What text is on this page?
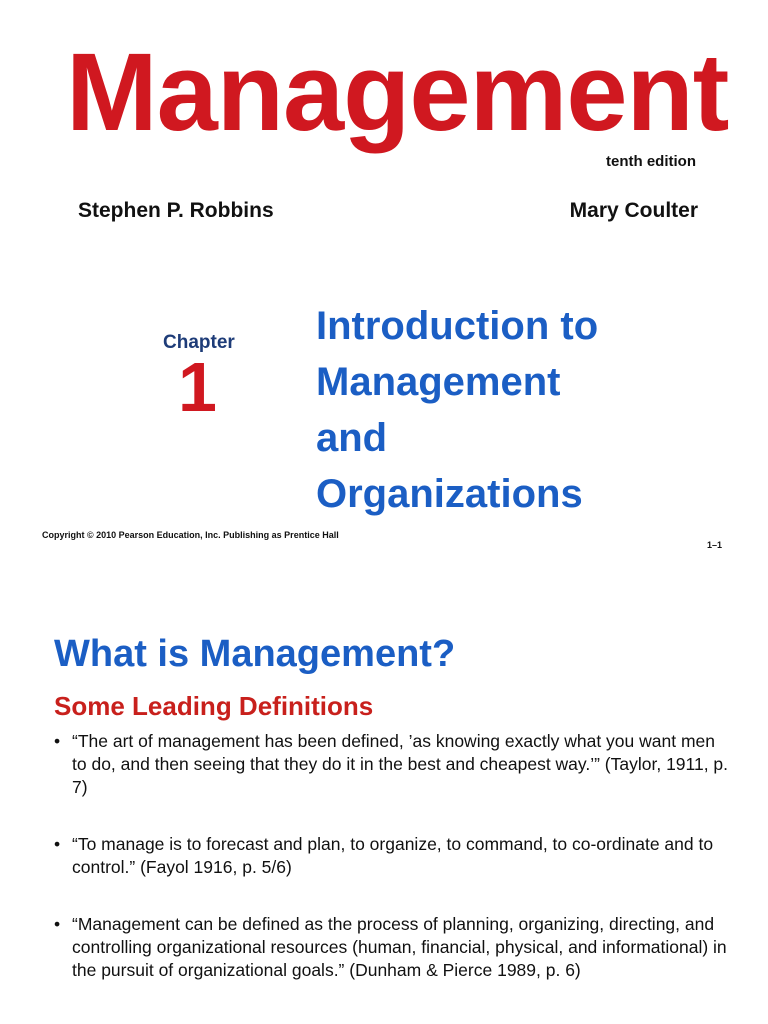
Management
tenth edition
Stephen P. Robbins	Mary Coulter
Chapter
1
Introduction to
Management
and
Organizations
Copyright © 2010 Pearson Education, Inc. Publishing as Prentice Hall
1–1
What is Management?
Some Leading Definitions
• “The art of management has been defined, ’as knowing exactly what you want men to do, and then seeing that they do it in the best and cheapest way.’” (Taylor, 1911, p. 7)
• “To manage is to forecast and plan, to organize, to command, to co-ordinate and to control.” (Fayol 1916, p. 5/6)
• “Management can be defined as the process of planning, organizing, directing, and controlling organizational resources (human, financial, physical, and informational) in the pursuit of organizational goals.” (Dunham & Pierce 1989, p. 6)
